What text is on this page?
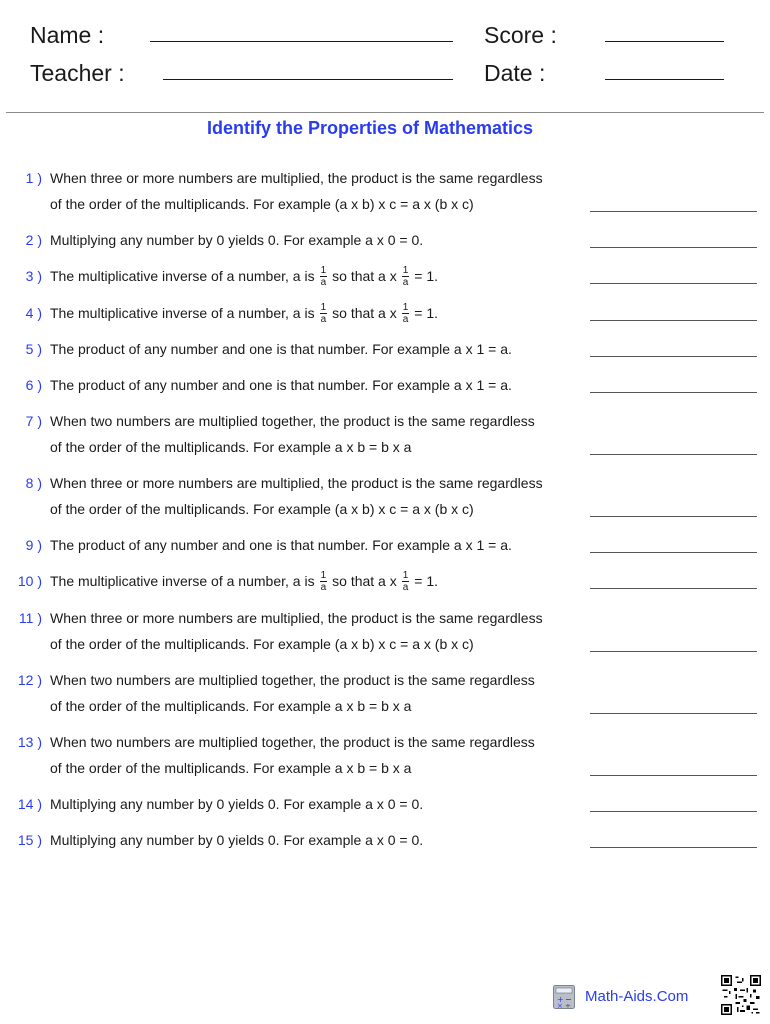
Name :
Teacher :
Score :
Date :
Identify the Properties of Mathematics
1 ) When three or more numbers are multiplied, the product is the same regardless
of the order of the multiplicands. For example (a x b) x c = a x (b x c)
2 ) Multiplying any number by 0 yields 0. For example a x 0 = 0.
3 ) The multiplicative inverse of a number, a is $\frac{1}{a}$ so that a x $\frac{1}{a} = 1$.
4 ) The multiplicative inverse of a number, a is $\frac{1}{a}$ so that a x $\frac{1}{a} = 1$.
5 ) The product of any number and one is that number. For example a x 1 = a.
6 ) The product of any number and one is that number. For example a x 1 = a.
7 ) When two numbers are multiplied together, the product is the same regardless
of the order of the multiplicands. For example a x b = b x a
8 ) When three or more numbers are multiplied, the product is the same regardless
of the order of the multiplicands. For example (a x b) x c = a x (b x c)
9 ) The product of any number and one is that number. For example a x 1 = a.
10 ) The multiplicative inverse of a number, a is $\frac{1}{a}$ so that a x $\frac{1}{a} = 1$.
11 ) When three or more numbers are multiplied, the product is the same regardless
of the order of the multiplicands. For example (a x b) x c = a x (b x c)
12 ) When two numbers are multiplied together, the product is the same regardless
of the order of the multiplicands. For example a x b = b x a
13 ) When two numbers are multiplied together, the product is the same regardless
of the order of the multiplicands. For example a x b = b x a
14 ) Multiplying any number by 0 yields 0. For example a x 0 = 0.
15 ) Multiplying any number by 0 yields 0. For example a x 0 = 0.
+ −
× ÷
Math-Aids.Com
